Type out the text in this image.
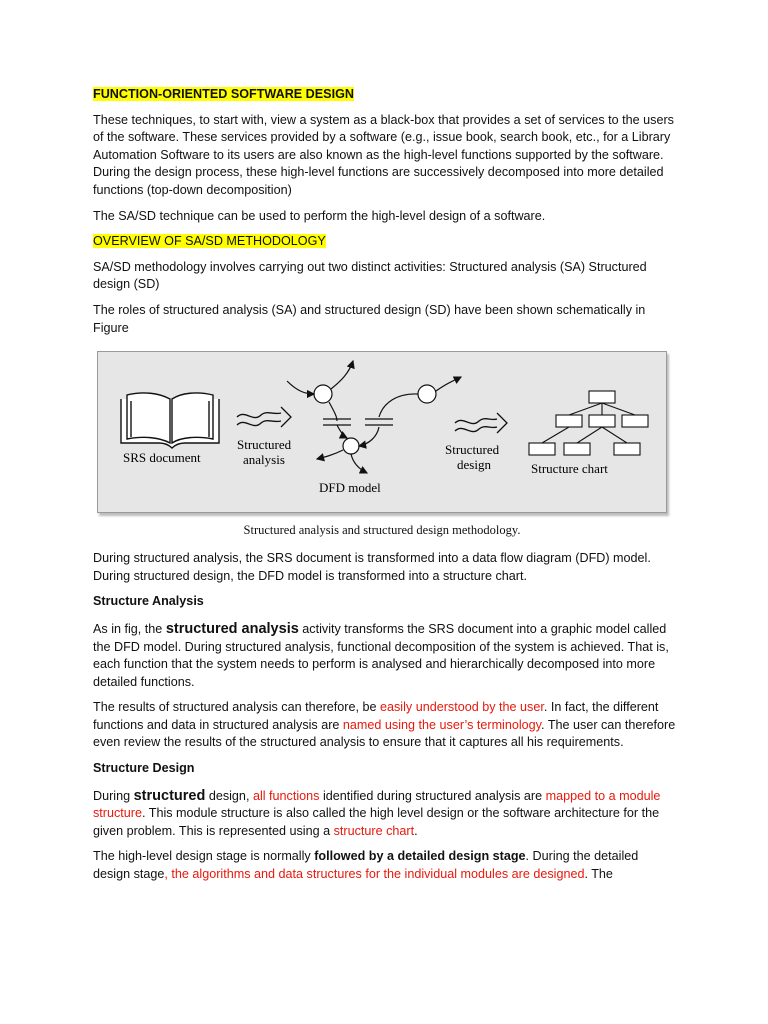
FUNCTION-ORIENTED SOFTWARE DESIGN

These techniques, to start with, view a system as a black-box that provides a set of services to the users of the software. These services provided by a software (e.g., issue book, search book, etc., for a Library Automation Software to its users are also known as the high-level functions supported by the software. During the design process, these high-level functions are successively decomposed into more detailed functions (top-down decomposition)

The SA/SD technique can be used to perform the high-level design of a software.

OVERVIEW OF SA/SD METHODOLOGY

SA/SD methodology involves carrying out two distinct activities: Structured analysis (SA) Structured design (SD)

The roles of structured analysis (SA) and structured design (SD) have been shown schematically in Figure

SRS document
Structured
analysis
DFD model
Structured
design	Structure chart
Structured analysis and structured design methodology.

During structured analysis, the SRS document is transformed into a data flow diagram (DFD) model. During structured design, the DFD model is transformed into a structure chart.

Structure Analysis

As in fig, the structured analysis activity transforms the SRS document into a graphic model called the DFD model. During structured analysis, functional decomposition of the system is achieved. That is, each function that the system needs to perform is analysed and hierarchically decomposed into more detailed functions.

The results of structured analysis can therefore, be easily understood by the user. In fact, the different functions and data in structured analysis are named using the user’s terminology. The user can therefore even review the results of the structured analysis to ensure that it captures all his requirements.

Structure Design

During structured design, all functions identified during structured analysis are mapped to a module structure. This module structure is also called the high level design or the software architecture for the given problem. This is represented using a structure chart.

The high-level design stage is normally followed by a detailed design stage. During the detailed design stage, the algorithms and data structures for the individual modules are designed. The
